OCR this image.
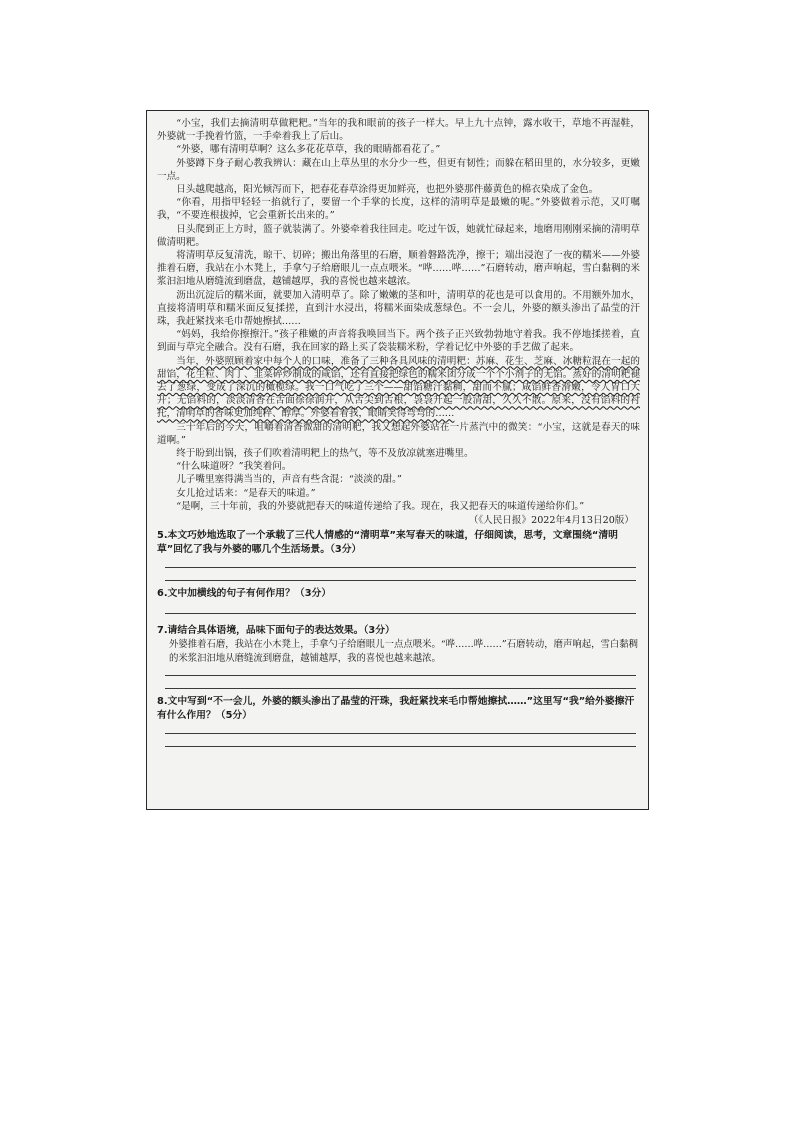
“小宝，我们去摘清明草做粑粑。”当年的我和眼前的孩子一样大。早上九十点钟，露水收干，草地不再湿鞋，外婆就一手挽着竹篮，一手牵着我上了后山。

“外婆，哪有清明草啊？这么多花花草草，我的眼睛都看花了。”

外婆蹲下身子耐心教我辨认：藏在山上草丛里的水分少一些，但更有韧性；而躲在稻田里的，水分较多，更嫩一点。

日头越爬越高，阳光倾泻而下，把春花春草涂得更加鲜亮，也把外婆那件藤黄色的棉衣染成了金色。

“你看，用指甲轻轻一掐就行了，要留一个手掌的长度，这样的清明草是最嫩的呢。”外婆做着示范，又叮嘱我，“不要连根拔掉，它会重新长出来的。”

日头爬到正上方时，篮子就装满了。外婆牵着我往回走。吃过午饭，她就忙碌起来，地磨用刚刚采摘的清明草做清明粑。

将清明草反复清洗，晾干、切碎；搬出角落里的石磨，顺着磐路洗净，擦干；端出浸泡了一夜的糯米——外婆推着石磨，我站在小木凳上，手拿勺子给磨眼儿一点点喂米。“哗……哗……”石磨转动，磨声响起，雪白黏稠的米浆汩汩地从磨缝流到磨盘，越铺越厚，我的喜悦也越来越浓。

沥出沉淀后的糯米面，就要加入清明草了。除了嫩嫩的茎和叶，清明草的花也是可以食用的。不用额外加水，直接将清明草和糯米面反复揉搓，直到汁水浸出，将糯米面染成葱绿色。不一会儿，外婆的额头渗出了晶莹的汗珠，我赶紧找来毛巾帮她擦拭……

“妈妈，我给你擦擦汗。”孩子稚嫩的声音将我唤回当下。两个孩子正兴致勃勃地守着我。我不停地揉搓着，直到面与草完全融合。没有石磨，我在回家的路上买了袋装糯米粉，学着记忆中外婆的手艺做了起来。

当年，外婆照顾着家中每个人的口味，准备了三种各具风味的清明粑：苏麻、花生、芝麻、冰糖粒混在一起的甜馅，花生粒、肉丁、韭菜碎炒制成的咸馅，还有直接把绿色的糯米团分成一个个小剂子的无馅。蒸好的清明粑褪去了葱绿，变成了深沉的橄榄绿。我一口气吃了三个——甜馅糖汁黏稠，甜而不腻；咸馅鲜香滑嫩，令人胃口大开；无馅料的，淡淡清香在舌面徐徐润开，从舌尖到舌根，袅袅升起一股清甜，久久不散。原来，没有馅料的衬托，清明草的香味更加纯粹、醇厚。外婆看着我，眼睛笑得弯弯的……

三十年后的今天，咀嚼着清香微甜的清明粑，我又想起外婆站在一片蒸汽中的微笑：“小宝，这就是春天的味道啊。”

终于盼到出锅，孩子们吹着清明粑上的热气，等不及放凉就塞进嘴里。

“什么味道呀？”我笑着问。

儿子嘴里塞得满当当的，声音有些含混：“淡淡的甜。”

女儿抢过话来：“是春天的味道。”

“是啊，三十年前，我的外婆就把春天的味道传递给了我。现在，我又把春天的味道传递给你们。”

（《人民日报》2022年4月13日20版）

5.本文巧妙地选取了一个承载了三代人情感的“清明草”来写春天的味道，仔细阅读，思考，文章围绕“清明草”回忆了我与外婆的哪几个生活场景。（3分）

6.文中加横线的句子有何作用？（3分）

7.请结合具体语境，品味下面句子的表达效果。（3分）

外婆推着石磨，我站在小木凳上，手拿勺子给磨眼儿一点点喂米。“哗……哗……”石磨转动，磨声响起，雪白黏稠的米浆汩汩地从磨缝流到磨盘，越铺越厚，我的喜悦也越来越浓。

8.文中写到“不一会儿，外婆的额头渗出了晶莹的汗珠，我赶紧找来毛巾帮她擦拭……”这里写“我”给外婆擦汗有什么作用？（5分）
